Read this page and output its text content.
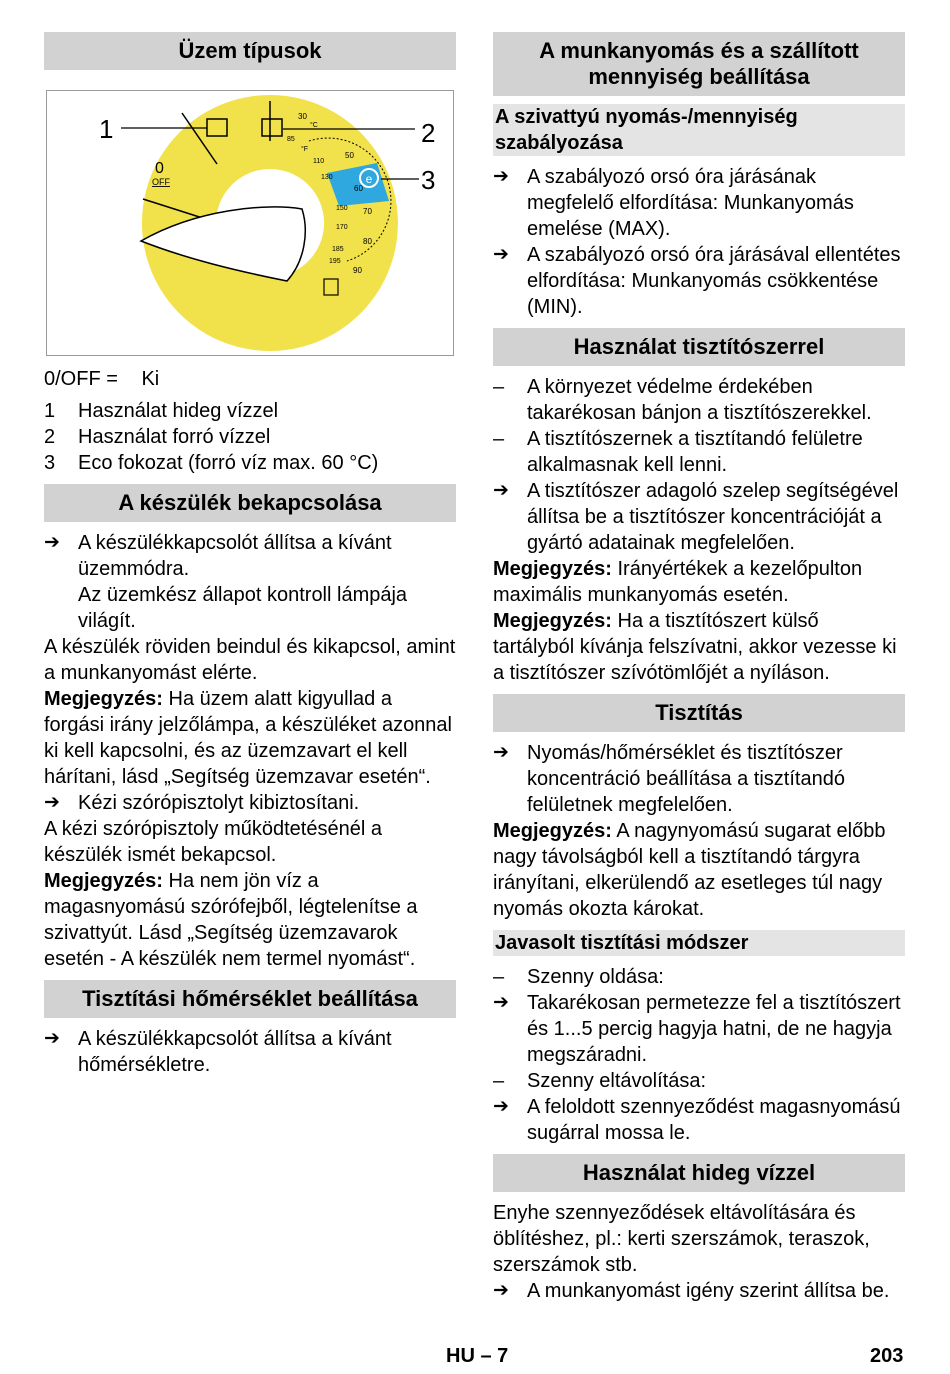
Üzem típusok
e
1	2
3
0
OFF
°C
°F
30
50
60
70
80
90
85
110
130
150
170
185
195
0/OFF = Ki
1 Használat hideg vízzel
2 Használat forró vízzel
3 Eco fokozat (forró víz max. 60 °C)
A készülék bekapcsolása
➔ A készülékkapcsolót állítsa a kívánt üzemmódra.

Az üzemkész állapot kontroll lámpája világít.

A készülék röviden beindul és kikapcsol, amint a munkanyomást elérte.

Megjegyzés: Ha üzem alatt kigyullad a forgási irány jelzőlámpa, a készüléket azonnal ki kell kapcsolni, és az üzemzavart el kell hárítani, lásd „Segítség üzemzavar esetén“.

➔ Kézi szórópisztolyt kibiztosítani.

A kézi szórópisztoly működtetésénél a készülék ismét bekapcsol.

Megjegyzés: Ha nem jön víz a magasnyomású szórófejből, légtelenítse a szivattyút. Lásd „Segítség üzemzavarok esetén - A készülék nem termel nyomást“.

Tisztítási hőmérséklet beállítása
➔ A készülékkapcsolót állítsa a kívánt hőmérsékletre.

A munkanyomás és a szállított mennyiség beállítása
A szivattyú nyomás-/mennyiség szabályozása
➔ A szabályozó orsó óra járásának megfelelő elfordítása: Munkanyomás emelése (MAX).

➔ A szabályozó orsó óra járásával ellentétes elfordítása: Munkanyomás csökkentése (MIN).

Használat tisztítószerrel
– A környezet védelme érdekében takarékosan bánjon a tisztítószerekkel.

– A tisztítószernek a tisztítandó felületre alkalmasnak kell lenni.

➔ A tisztítószer adagoló szelep segítségével állítsa be a tisztítószer koncentrációját a gyártó adatainak megfelelően.

Megjegyzés: Irányértékek a kezelőpulton maximális munkanyomás esetén.

Megjegyzés: Ha a tisztítószert külső tartályból kívánja felszívatni, akkor vezesse ki a tisztítószer szívótömlőjét a nyíláson.

Tisztítás
➔ Nyomás/hőmérséklet és tisztítószer koncentráció beállítása a tisztítandó felületnek megfelelően.

Megjegyzés: A nagynyomású sugarat előbb nagy távolságból kell a tisztítandó tárgyra irányítani, elkerülendő az esetleges túl nagy nyomás okozta károkat.

Javasolt tisztítási módszer
– Szenny oldása:

➔ Takarékosan permetezze fel a tisztítószert és 1...5 percig hagyja hatni, de ne hagyja megszáradni.

– Szenny eltávolítása:

➔ A feloldott szennyeződést magasnyomású sugárral mossa le.

Használat hideg vízzel

Enyhe szennyeződések eltávolítására és öblítéshez, pl.: kerti szerszámok, teraszok, szerszámok stb.

➔ A munkanyomást igény szerint állítsa be.

HU – 7	203
